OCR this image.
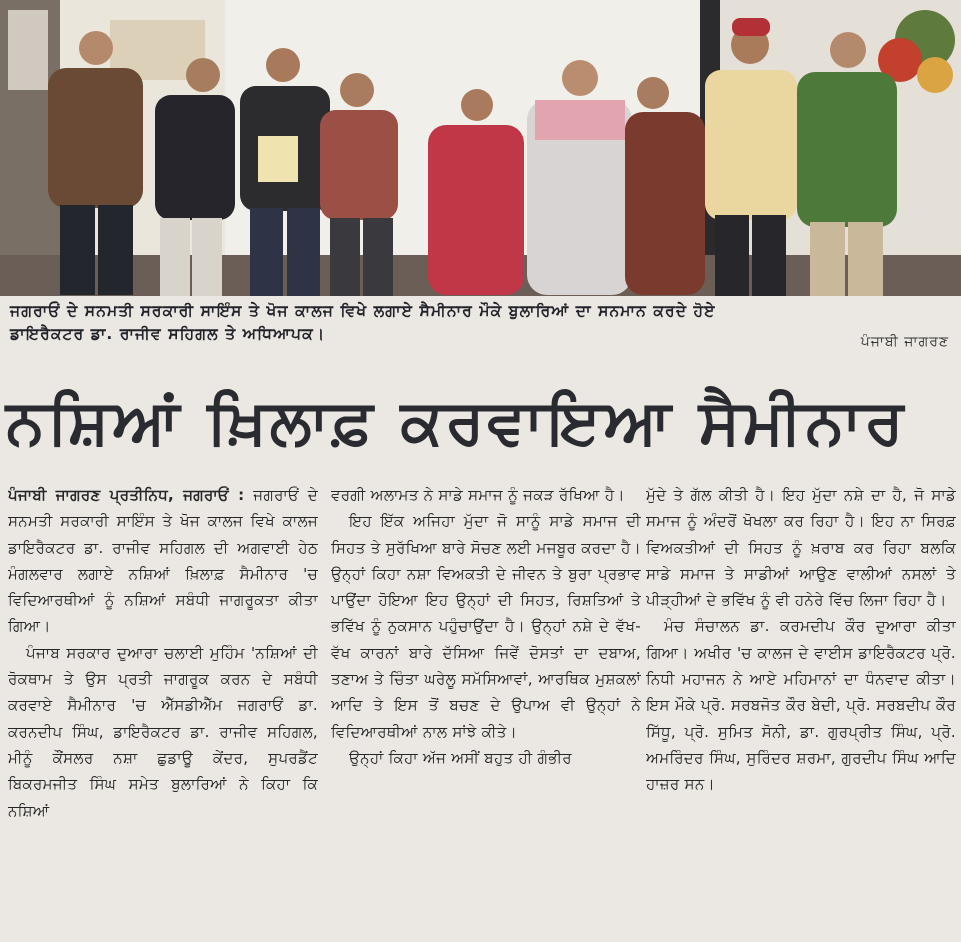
ਜਗਰਾਓਂ ਦੇ ਸਨਮਤੀ ਸਰਕਾਰੀ ਸਾਇੰਸ ਤੇ ਖੋਜ ਕਾਲਜ ਵਿਖੇ ਲਗਾਏ ਸੈਮੀਨਾਰ ਮੌਕੇ ਬੁਲਾਰਿਆਂ ਦਾ ਸਨਮਾਨ ਕਰਦੇ ਹੋਏ
ਡਾਇਰੈਕਟਰ ਡਾ. ਰਾਜੀਵ ਸਹਿਗਲ ਤੇ ਅਧਿਆਪਕ।	ਪੰਜਾਬੀ ਜਾਗਰਣ
ਨਸ਼ਿਆਂ ਖ਼ਿਲਾਫ਼ ਕਰਵਾਇਆ ਸੈਮੀਨਾਰ

ਪੰਜਾਬੀ ਜਾਗਰਣ ਪ੍ਰਤੀਨਿਧ, ਜਗਰਾਓਂ : ਜਗਰਾਓਂ ਦੇ ਸਨਮਤੀ ਸਰਕਾਰੀ ਸਾਇੰਸ ਤੇ ਖੋਜ ਕਾਲਜ ਵਿਖੇ ਕਾਲਜ ਡਾਇਰੈਕਟਰ ਡਾ. ਰਾਜੀਵ ਸਹਿਗਲ ਦੀ ਅਗਵਾਈ ਹੇਠ ਮੰਗਲਵਾਰ ਲਗਾਏ ਨਸ਼ਿਆਂ ਖ਼ਿਲਾਫ਼ ਸੈਮੀਨਾਰ 'ਚ ਵਿਦਿਆਰਥੀਆਂ ਨੂੰ ਨਸ਼ਿਆਂ ਸਬੰਧੀ ਜਾਗਰੂਕਤਾ ਕੀਤਾ ਗਿਆ।

ਪੰਜਾਬ ਸਰਕਾਰ ਦੁਆਰਾ ਚਲਾਈ ਮੁਹਿੰਮ 'ਨਸ਼ਿਆਂ ਦੀ ਰੋਕਥਾਮ ਤੇ ਉਸ ਪ੍ਰਤੀ ਜਾਗਰੂਕ ਕਰਨ ਦੇ ਸਬੰਧੀ ਕਰਵਾਏ ਸੈਮੀਨਾਰ 'ਚ ਐੱਸਡੀਐੱਮ ਜਗਰਾਓਂ ਡਾ. ਕਰਨਦੀਪ ਸਿੰਘ, ਡਾਇਰੈਕਟਰ ਡਾ. ਰਾਜੀਵ ਸਹਿਗਲ, ਮੀਨੂੰ ਕੌਂਸਲਰ ਨਸ਼ਾ ਛੁਡਾਊ ਕੇਂਦਰ, ਸੁਪਰਡੈਂਟ ਬਿਕਰਮਜੀਤ ਸਿੰਘ ਸਮੇਤ ਬੁਲਾਰਿਆਂ ਨੇ ਕਿਹਾ ਕਿ ਨਸ਼ਿਆਂ

ਵਰਗੀ ਅਲਾਮਤ ਨੇ ਸਾਡੇ ਸਮਾਜ ਨੂੰ ਜਕੜ ਰੱਖਿਆ ਹੈ।

ਇਹ ਇੱਕ ਅਜਿਹਾ ਮੁੱਦਾ ਜੋ ਸਾਨੂੰ ਸਾਡੇ ਸਮਾਜ ਦੀ ਸਿਹਤ ਤੇ ਸੁਰੱਖਿਆ ਬਾਰੇ ਸੋਚਣ ਲਈ ਮਜਬੂਰ ਕਰਦਾ ਹੈ। ਉਨ੍ਹਾਂ ਕਿਹਾ ਨਸ਼ਾ ਵਿਅਕਤੀ ਦੇ ਜੀਵਨ ਤੇ ਬੁਰਾ ਪ੍ਰਭਾਵ ਪਾਉਂਦਾ ਹੋਇਆ ਇਹ ਉਨ੍ਹਾਂ ਦੀ ਸਿਹਤ, ਰਿਸ਼ਤਿਆਂ ਤੇ ਭਵਿੱਖ ਨੂੰ ਨੁਕਸਾਨ ਪਹੁੰਚਾਉਂਦਾ ਹੈ। ਉਨ੍ਹਾਂ ਨਸ਼ੇ ਦੇ ਵੱਖ-ਵੱਖ ਕਾਰਨਾਂ ਬਾਰੇ ਦੱਸਿਆ ਜਿਵੇਂ ਦੋਸਤਾਂ ਦਾ ਦਬਾਅ, ਤਣਾਅ ਤੇ ਚਿੰਤਾ ਘਰੇਲੂ ਸਮੱਸਿਆਵਾਂ, ਆਰਥਿਕ ਮੁਸ਼ਕਲਾਂ ਆਦਿ ਤੇ ਇਸ ਤੋਂ ਬਚਣ ਦੇ ਉਪਾਅ ਵੀ ਉਨ੍ਹਾਂ ਨੇ ਵਿਦਿਆਰਥੀਆਂ ਨਾਲ ਸਾਂਝੇ ਕੀਤੇ।

ਉਨ੍ਹਾਂ ਕਿਹਾ ਅੱਜ ਅਸੀਂ ਬਹੁਤ ਹੀ ਗੰਭੀਰ

ਮੁੱਦੇ ਤੇ ਗੱਲ ਕੀਤੀ ਹੈ। ਇਹ ਮੁੱਦਾ ਨਸ਼ੇ ਦਾ ਹੈ, ਜੋ ਸਾਡੇ ਸਮਾਜ ਨੂੰ ਅੰਦਰੋਂ ਖੋਖਲਾ ਕਰ ਰਿਹਾ ਹੈ। ਇਹ ਨਾ ਸਿਰਫ਼ ਵਿਅਕਤੀਆਂ ਦੀ ਸਿਹਤ ਨੂੰ ਖ਼ਰਾਬ ਕਰ ਰਿਹਾ ਬਲਕਿ ਸਾਡੇ ਸਮਾਜ ਤੇ ਸਾਡੀਆਂ ਆਉਣ ਵਾਲੀਆਂ ਨਸਲਾਂ ਤੇ ਪੀੜ੍ਹੀਆਂ ਦੇ ਭਵਿੱਖ ਨੂੰ ਵੀ ਹਨੇਰੇ ਵਿੱਚ ਲਿਜਾ ਰਿਹਾ ਹੈ।

ਮੰਚ ਸੰਚਾਲਨ ਡਾ. ਕਰਮਦੀਪ ਕੌਰ ਦੁਆਰਾ ਕੀਤਾ ਗਿਆ। ਅਖੀਰ 'ਚ ਕਾਲਜ ਦੇ ਵਾਈਸ ਡਾਇਰੈਕਟਰ ਪ੍ਰੋ. ਨਿਧੀ ਮਹਾਜਨ ਨੇ ਆਏ ਮਹਿਮਾਨਾਂ ਦਾ ਧੰਨਵਾਦ ਕੀਤਾ। ਇਸ ਮੌਕੇ ਪ੍ਰੋ. ਸਰਬਜੋਤ ਕੌਰ ਬੇਦੀ, ਪ੍ਰੋ. ਸਰਬਦੀਪ ਕੌਰ ਸਿੱਧੂ, ਪ੍ਰੋ. ਸੁਮਿਤ ਸੋਨੀ, ਡਾ. ਗੁਰਪ੍ਰੀਤ ਸਿੰਘ, ਪ੍ਰੋ. ਅਮਰਿੰਦਰ ਸਿੰਘ, ਸੁਰਿੰਦਰ ਸ਼ਰਮਾ, ਗੁਰਦੀਪ ਸਿੰਘ ਆਦਿ ਹਾਜ਼ਰ ਸਨ।
